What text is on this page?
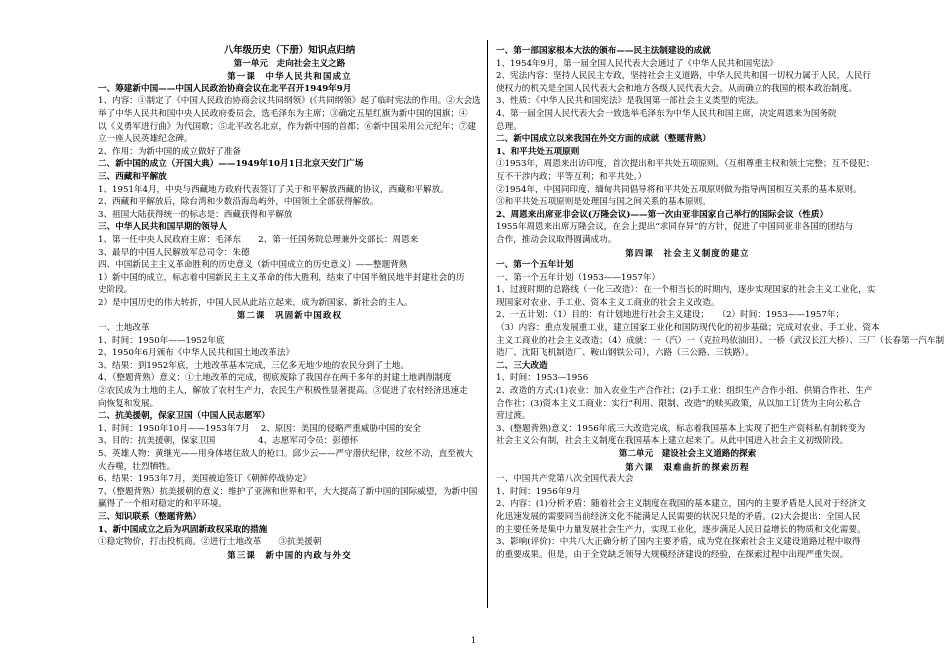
八年级历史（下册）知识点归纳
第一单元　走向社会主义之路
第一课　中华人民共和国成立
一、筹建新中国——中国人民政治协商会议在北平召开1949年9月
1、内容：①制定了《中国人民政治协商会议共同纲领》(《共同纲领》起了临时宪法的作用。②大会选
举了中华人民共和国中央人民政府委员会，选毛泽东为主席；③确定五星红旗为新中国的国旗；④
以《义勇军进行曲》为代国歌；⑤北平改名北京，作为新中国的首都；⑥新中国采用公元纪年；⑦建
立一座人民英雄纪念碑。
2、作用：为新中国的成立做好了准备
二、新中国的成立（开国大典）——1949年10月1日北京天安门广场
三、西藏和平解放
1、1951年4月，中央与西藏地方政府代表签订了关于和平解放西藏的协议，西藏和平解放。
2、西藏和平解放后，除台湾和少数沿海岛屿外，中国领土全部获得解放。
3、祖国大陆获得统一的标志是：西藏获得和平解放
三、中华人民共和国早期的领导人
1、第一任中央人民政府主席：毛泽东　　2、第一任国务院总理兼外交部长：周恩来
3、最早的中国人民解放军总司令：朱德
四、中国新民主主义革命胜利的历史意义（新中国成立的历史意义）——整题背熟
1）新中国的成立，标志着中国新民主主义革命的伟大胜利，结束了中国半殖民地半封建社会的历
史阶段。
2）是中国历史的伟大转折，中国人民从此站立起来，成为新国家、新社会的主人。
第二课　巩固新中国政权
一、土地改革
1、时间：1950年——1952年底
2、1950年6月颁布《中华人民共和国土地改革法》
3、结果：到1952年底，土地改革基本完成，三亿多无地少地的农民分到了土地。
4、（整题背熟）意义：①土地改革的完成，彻底废除了我国存在两千多年的封建土地剥削制度
②农民成为土地的主人，解放了农村生产力，农民生产积极性显著提高。③促进了农村经济迅速走
向恢复和发展。
二、抗美援朝，保家卫国（中国人民志愿军）
1、时间：1950年10月——1953年7月　 2、原因：美国的侵略严重威胁中国的安全
3、目的：抗美援朝，保家卫国　　　　　4、志愿军司令员：彭德怀
5、英雄人物：黄继光——用身体堵住敌人的枪口。邱少云——严守潜伏纪律，纹丝不动，直至被大
火吞噬，壮烈牺牲。
6、结果：1953年7月，美国被迫签订《朝鲜停战协定》
7、（整题背熟）抗美援朝的意义：维护了亚洲和世界和平，大大提高了新中国的国际威望，为新中国
赢得了一个相对稳定的和平环境。
三、知识联系（整题背熟）
1、新中国成立之后为巩固新政权采取的措施
①稳定物价，打击投机商。②进行土地改革　　③抗美援朝
第三课　新中国的内政与外交
一、第一部国家根本大法的颁布——民主法制建设的成就
1、1954年9月，第一届全国人民代表大会通过了《中华人民共和国宪法》
2、宪法内容：坚持人民民主专政，坚持社会主义道路，中华人民共和国一切权力属于人民，人民行
使权力的机关是全国人民代表大会和地方各级人民代表大会。从而确立的我国的根本政治制度。
3、性质：《中华人民共和国宪法》是我国第一部社会主义类型的宪法。
4、第一届全国人民代表大会一致选举毛泽东为中华人民共和国主席，决定周恩来为国务院
总理。
二、新中国成立以来我国在外交方面的成就（整题背熟）
1、和平共处五项原则
①1953年，周恩来出访印度，首次提出和平共处五项原则。（互相尊重主权和领土完整；互不侵犯；
互不干涉内政；平等互利；和平共处。）
②1954年，中国同印度、缅甸共同倡导将和平共处五项原则做为指导两国相互关系的基本原则。
③和平共处五项原则是处理国与国之间关系的基本原则。
2、周恩来出席亚非会议(万隆会议)——第一次由亚非国家自己举行的国际会议（性质）
1955年周恩来出席万隆会议，在会上提出“求同存异”的方针，促进了中国同亚非各国的团结与
合作，推动会议取得圆满成功。
第四课　社会主义制度的建立
一、第一个五年计划
一、第一个五年计划（1953——1957年）
1、过渡时期的总路线（一化三改造）：在一个相当长的时期内，逐步实现国家的社会主义工业化，实
现国家对农业、手工业、资本主义工商业的社会主义改造。
2、一五计划：（1）目的：有计划地进行社会主义建设；　　（2）时间：1953——1957年；
（3）内容：重点发展重工业，建立国家工业化和国防现代化的初步基础；完成对农业、手工业、资本
主义工商业的社会主义改造；（4）成就：一（汽）一（克拉玛依油田）、一桥（武汉长江大桥）、三厂（长春第一汽车制
造厂、沈阳飞机制造厂、鞍山钢铁公司），六路（三公路、三铁路）。
二、三大改造
1、时间：1953—1956
2、改造的方式:(1)农业：加入农业生产合作社；(2)手工业：组织生产合作小组、供销合作社、生产
合作社；(3)资本主义工商业：实行“利用、限制、改造”的赎买政策，从以加工订货为主向公私合
营过渡。
3、(整题背熟)意义：1956年底三大改造完成，标志着我国基本上实现了把生产资料私有制转变为
社会主义公有制，社会主义制度在我国基本上建立起来了。从此中国进入社会主义初级阶段。
第二单元　建设社会主义道路的探索
第六课　艰难曲折的探索历程
一、中国共产党第八次全国代表大会
1、时间：1956年9月
2、内容：(1)分析矛盾：随着社会主义制度在我国的基本建立，国内的主要矛盾是人民对于经济文
化迅速发展的需要同当前经济文化不能满足人民需要的状况只是的矛盾。(2)大会提出：全国人民
的主要任务是集中力量发展社会生产力，实现工业化，逐步满足人民日益增长的物质和文化需要。
3、影响(评价)：中共八大正确分析了国内主要矛盾，成为党在探索社会主义建设道路过程中取得
的重要成果。但是，由于全党缺乏领导大规模经济建设的经验，在探索过程中出现严重失误。
1
